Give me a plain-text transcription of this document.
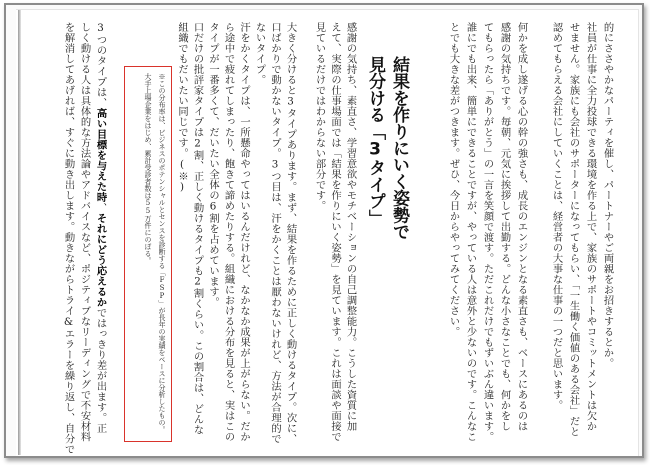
的にささやかなパーティを催し、パートナーやご両親をお招きするとか。
社員が仕事に全力投球できる環境を作る上で、家族のサポートやコミットメントは欠か
せません。家族にも会社のサポーターになってもらい、「一生働く価値のある会社」だと
認めてもらえる会社にしていくことは、経営者の大事な仕事の一つだと思います。
何かを成し遂げる心の幹の強さも、成長のエンジンとなる素直さも、ベースにあるのは
感謝の気持ちです。毎朝、元気に挨拶して出勤する。どんな小さなことでも、何かをし
てもらったら「ありがとう」の一言を笑顔で渡す。ただこれだけでもずいぶん違います。
誰にでも出来、簡単にできることですが、やっている人は意外と少ないのです。こんなこ
とでも大きな差がつきます。ぜひ、今日からやってみてください。
結果を作りにいく姿勢で
見分ける「3タイプ」
感謝の気持ち、素直さ、学習意欲やモチベーションの自己調整能力。こうした資質に加
えて、実際の仕事場面では「結果を作りにいく姿勢」を見ています。これは面談や面接で
見ているだけではわからない部分です。
大きく分けると3タイプあります。まず、結果を作るために正しく動けるタイプ。次に、
口ばかりで動かないタイプ。3つ目は、汗をかくことは厭わないけれど、方法が合理的で
ないタイプ。
汗をかくタイプは、一所懸命やってはいるんだけれど、なかなか成果が上がらない。だか
ら途中で疲れてしまったり、飽きて諦めたりする。組織における分布を見ると、実はこの
タイプが一番多くて、だいたい全体の6割を占めています。
口だけの批評家タイプは2割、正しく動けるタイプも2割くらい。この割合は、どんな
組織でもだいたい同じです。(※)
※この分布率は、ビジネスのポテンシャルとセンスを診断する「FSP」が長年の実績をベースに分析したもの。
大手上場企業をはじめ、累計受診者数は55万件にのぼる。
3つのタイプは、高い目標を与えた時、それにどう応えるかではっきり差が出ます。正
しく動ける人は具体的な方法論やアドバイスなど、ポジティブなリーディングで不安材料
を解消してあげれば、すぐに動き出します。動きながらトライ&エラーを繰り返し、自分で
